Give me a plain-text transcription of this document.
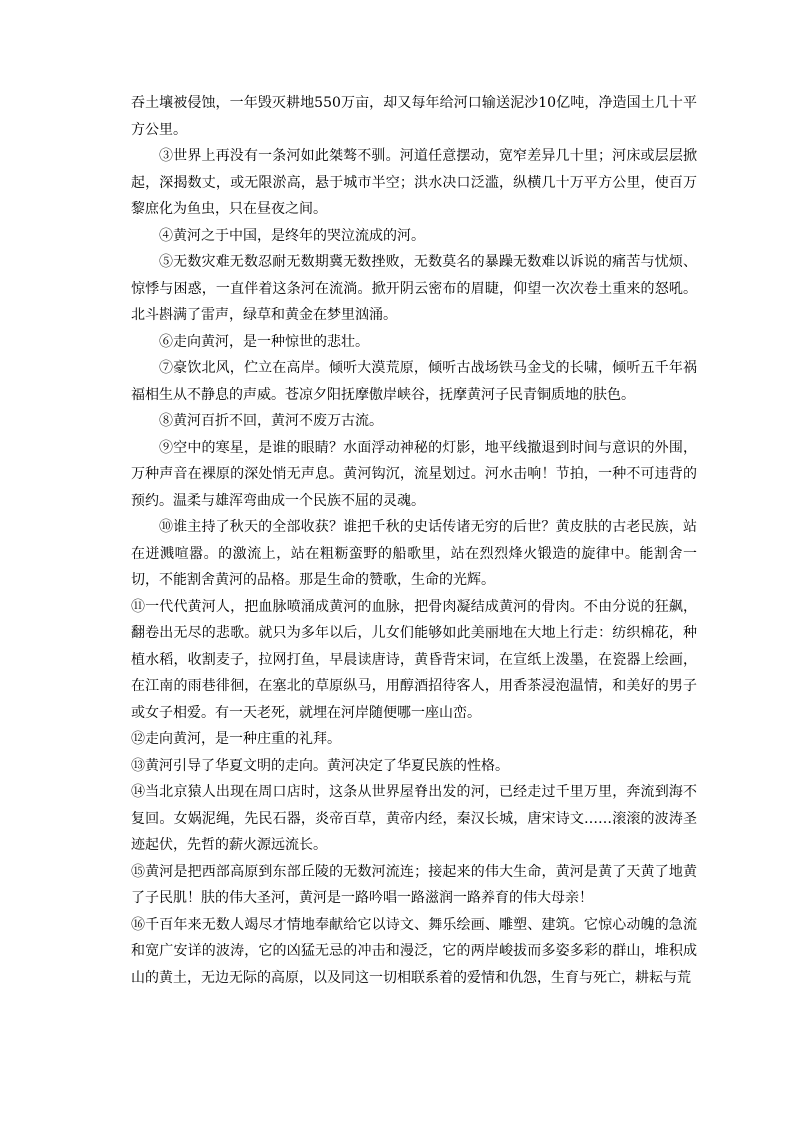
吞土壤被侵蚀，一年毁灭耕地550万亩，却又每年给河口输送泥沙10亿吨，净造国土几十平方公里。

③世界上再没有一条河如此桀骜不驯。河道任意摆动，宽窄差异几十里；河床或层层掀起，深揭数丈，或无限淤高，悬于城市半空；洪水决口泛滥，纵横几十万平方公里，使百万黎庶化为鱼虫，只在昼夜之间。

④黄河之于中国，是终年的哭泣流成的河。

⑤无数灾难无数忍耐无数期冀无数挫败，无数莫名的暴躁无数难以诉说的痛苦与忧烦、惊悸与困惑，一直伴着这条河在流淌。掀开阴云密布的眉睫，仰望一次次卷土重来的怒吼。北斗斟满了雷声，绿草和黄金在梦里汹涌。

⑥走向黄河，是一种惊世的悲壮。

⑦豪饮北风，伫立在高岸。倾听大漠荒原，倾听古战场铁马金戈的长啸，倾听五千年祸福相生从不静息的声威。苍凉夕阳抚摩傲岸峡谷，抚摩黄河子民青铜质地的肤色。

⑧黄河百折不回，黄河不废万古流。

⑨空中的寒星，是谁的眼睛？水面浮动神秘的灯影，地平线撤退到时间与意识的外围，万种声音在裸原的深处悄无声息。黄河钩沉，流星划过。河水击响！节拍，一种不可违背的预约。温柔与雄浑弯曲成一个民族不屈的灵魂。

⑩谁主持了秋天的全部收获？谁把千秋的史话传诸无穷的后世？黄皮肤的古老民族，站在迸溅喧嚣。的激流上，站在粗粝蛮野的船歌里，站在烈烈烽火锻造的旋律中。能割舍一切，不能割舍黄河的品格。那是生命的赞歌，生命的光辉。

⑪一代代黄河人，把血脉喷涌成黄河的血脉，把骨肉凝结成黄河的骨肉。不由分说的狂飙，翻卷出无尽的悲歌。就只为多年以后，儿女们能够如此美丽地在大地上行走：纺织棉花，种植水稻，收割麦子，拉网打鱼，早晨读唐诗，黄昏背宋词，在宣纸上泼墨，在瓷器上绘画，在江南的雨巷徘徊，在塞北的草原纵马，用醇酒招待客人，用香茶浸泡温情，和美好的男子或女子相爱。有一天老死，就埋在河岸随便哪一座山峦。

⑫走向黄河，是一种庄重的礼拜。

⑬黄河引导了华夏文明的走向。黄河决定了华夏民族的性格。

⑭当北京猿人出现在周口店时，这条从世界屋脊出发的河，已经走过千里万里，奔流到海不复回。女娲泥绳，先民石器，炎帝百草，黄帝内经，秦汉长城，唐宋诗文……滚滚的波涛圣迹起伏，先哲的薪火源远流长。

⑮黄河是把西部高原到东部丘陵的无数河流连；接起来的伟大生命，黄河是黄了天黄了地黄了子民肌！肤的伟大圣河，黄河是一路吟唱一路滋润一路养育的伟大母亲！

⑯千百年来无数人竭尽才情地奉献给它以诗文、舞乐绘画、雕塑、建筑。它惊心动魄的急流和宽广安详的波涛，它的凶猛无忌的冲击和漫泛，它的两岸峻拔而多姿多彩的群山，堆积成山的黄土，无边无际的高原，以及同这一切相联系着的爱情和仇怨，生育与死亡，耕耘与荒
